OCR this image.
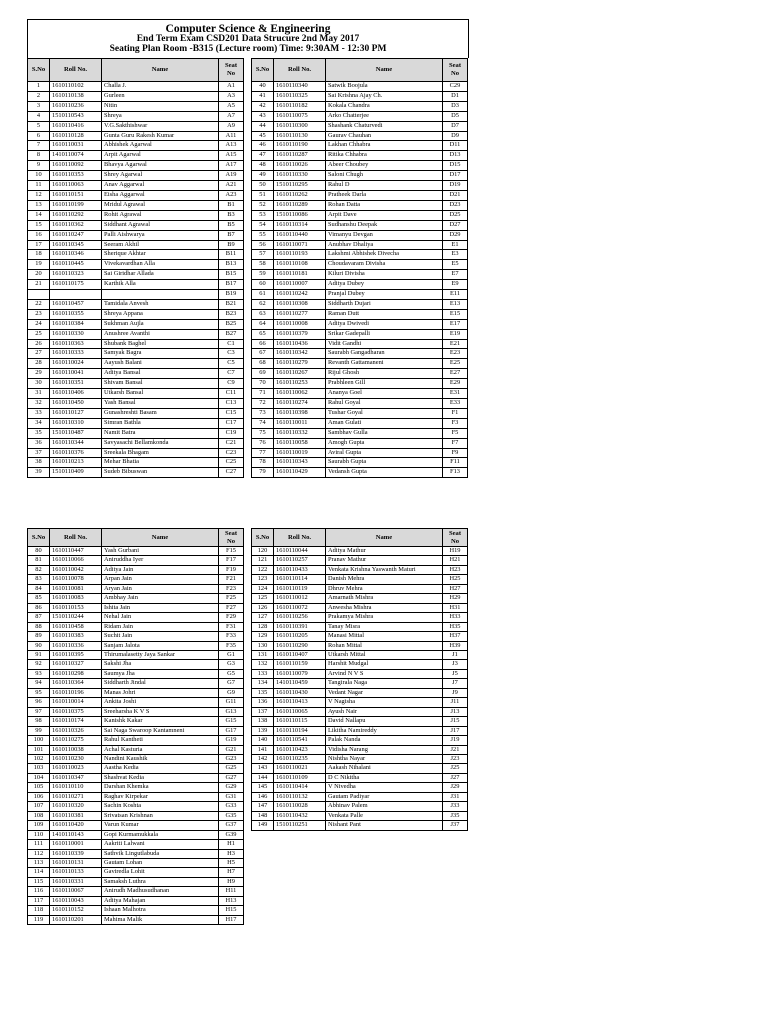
Computer Science & Engineering
End Term Exam CSD201 Data Strucure 2nd May 2017
Seating Plan Room -B315 (Lecture room) Time: 9:30AM - 12:30 PM
S.No	Roll No.	Name	Seat No
1	1610110102	Challa J.	A1
2	1610110138	Gurleen	A3
3	1610110236	Nitin	A5
4	1510110543	Shreya	A7
5	1610110416	V.G.Sakthishwar	A9
6	1610110128	Gunta Guru Rakesh Kumar	A11
7	1610110031	Abhishek Agarwal	A13
8	1410110074	Arpit Agarwal	A15
9	1610110092	Bhavya Agarwal	A17
10	1610110353	Shrey Agarwal	A19
11	1610110063	Anav Aggarwal	A21
12	1610110151	Eisha Aggarwal	A23
13	1610110199	Mridul Agrawal	B1
14	1610110292	Rohit Agrawal	B3
15	1610110362	Siddhant Agrawal	B5
16	1610110247	Palli Aishwarya	B7
17	1610110345	Seeram Akhil	B9
18	1610110346	Sherique Akhtar	B11
19	1610110445	Vivekavardhan Alla	B13
20	1610110323	Sai Giridhar Allada	B15
21	1610110175	Karthik Alla	B17
			B19
22	1610110457	Tamidala Anvesh	B21
23	1610110355	Shreya Appana	B23
24	1610110384	Sukhman Aujla	B25
25	1610110330	Anushree Avanthi	B27
26	1610110363	Shubank Baghel	C1
27	1610110333	Samyak Bagra	C3
28	1610110024	Aayush Balani	C5
29	1610110041	Aditya Bansal	C7
30	1610110351	Shivam Bansal	C9
31	1610110406	Utkarsh Bansal	C11
32	1610110450	Yash Bansal	C13
33	1610110127	Gunashreshti Basam	C15
34	1610110310	Simran Bathla	C17
35	1510110487	Namit Batra	C19
36	1610110344	Savyasachi Bellamkonda	C21
37	1610110376	Sreekala Bhagam	C23
38	1610110213	Mehar Bhatia	C25
39	1510110409	Sudeb Bibuswan	C27
S.No	Roll No.	Name	Seat No
40	1610110340	Satwik Boojula	C29
41	1610110325	Sai Krishna Ajay Ch.	D1
42	1610110182	Kokala Chandra	D3
43	1610110075	Arko Chatterjee	D5
44	1610110300	Shashank Chaturvedi	D7
45	1610110130	Gaurav Chauhan	D9
46	1610110190	Lakhan Chhabra	D11
47	1610110287	Ritika Chhabra	D13
48	1610110026	Abeer Choubey	D15
49	1610110330	Saloni Chugh	D17
50	1510110295	Rahul D	D19
51	1610110262	Pratheek Darla	D21
52	1610110289	Rohan Datta	D23
53	1510110086	Arpit Dave	D25
54	1610110314	Sudhanshu Deepak	D27
55	1610110440	Vimanyu Devgan	D29
56	1610110071	Anubhav Dhaliya	E1
57	1610110193	Lakshmi Abhishek Divecha	E3
58	1610110108	Choudavaram Divisha	E5
59	1610110181	Kiluri Divisha	E7
60	1610110007	Aditya Dubey	E9
61	1610110242	Pranjal Dubey	E11
62	1610110308	Siddharth Dujari	E13
63	1610110277	Raman Dutt	E15
64	1610110008	Aditya Dwivedi	E17
65	1610110379	Srikar Gadepalli	E19
66	1610110436	Vidit Gandhi	E21
67	1610110342	Saurabh Gangadharan	E23
68	1610110279	Revanth Gattamaneni	E25
69	1610110267	Rijul Ghosh	E27
70	1610110253	Prabhleen Gill	E29
71	1610110062	Ananya Goel	E31
72	1610110274	Rahul Goyal	E33
73	1610110398	Tushar Goyal	F1
74	1610110011	Aman Gulati	F3
75	1610110332	Sambhav Gulla	F5
76	1610110058	Amogh Gupta	F7
77	1610110019	Aviral Gupta	F9
78	1610110343	Saurabh Gupta	F11
79	1610110429	Vedansh Gupta	F13
S.No	Roll No.	Name	Seat No
80	1610110447	Yash Gurbani	F15
81	1610110066	Aniruddha Iyer	F17
82	1610110042	Aditya Jain	F19
83	1610110078	Arpan Jain	F21
84	1610110081	Aryan Jain	F23
85	1610110083	Ambhay Jain	F25
86	1610110153	Ishita Jain	F27
87	1510110244	Nehal Jain	F29
88	1610110458	Ridam Jain	F31
89	1610110383	Suchit Jain	F33
90	1610110336	Sanjam Jalota	F35
91	1610110395	Thirumalasetty Jaya Sankar	G1
92	1610110327	Sakshi Jha	G3
93	1610110298	Saumya Jha	G5
94	1610110364	Siddharth Jindal	G7
95	1610110196	Manas Johri	G9
96	1610110014	Ankita Joshi	G11
97	1610110375	Sreeharsha K V S	G13
98	1610110174	Kanishk Kakar	G15
99	1610110326	Sai Naga Swaroop Kantamneni	G17
100	1610110275	Rahul Kantheti	G19
101	1610110038	Achal Kasturia	G21
102	1610110230	Nandini Kaushik	G23
103	1610110023	Aastha Kedia	G25
104	1610110347	Shashvat Kedia	G27
105	1610110110	Darshan Khemka	G29
106	1610110271	Raghav Kirpekar	G31
107	1610110320	Sachin Koshta	G33
108	1610110381	Srivatsan Krishnan	G35
109	1610110420	Varun Kumar	G37
110	1410110143	Gopi Kurmamukkala	G39
111	1610110001	Aakriti Lalwani	H1
112	1610110339	Sathvik Lingutlabuda	H3
113	1610110131	Gautam Lohan	H5
114	1610110133	Gaviredla Lohit	H7
115	1610110331	Samaksh Luthra	H9
116	1610110067	Anirudh Madhusudhanan	H11
117	1610110043	Aditya Mahajan	H13
118	1610110152	Ishaan Malhotra	H15
119	1610110201	Mahima Malik	H17
S.No	Roll No.	Name	Seat No
120	1610110044	Aditya Mathur	H19
121	1610110257	Pranav Mathur	H21
122	1610110433	Venkata Krishna Yaswanth Maturi	H23
123	1610110114	Danish Mehra	H25
124	1610110119	Dhruv Mehra	H27
125	1610110012	Amarnath Mishra	H29
126	1610110072	Anwesha Mishra	H31
127	1610110256	Prakamya Mishra	H33
128	1610110391	Tanay Misra	H35
129	1610110205	Manasi Mittal	H37
130	1610110290	Rohan Mittal	H39
131	1610110407	Utkarsh Mittal	J1
132	1610110159	Harshit Mudgal	J3
133	1610110079	Arvind N V S	J5
134	1410110459	Tangirala Naga	J7
135	1610110430	Vedant Nagar	J9
136	1610110413	V Nagisha	J11
137	1610110065	Ayush Nair	J13
138	1610110115	David Nallapu	J15
139	1610110194	Likitha Namireddy	J17
140	1610110541	Palak Nanda	J19
141	1610110423	Vidisha Narang	J21
142	1610110235	Nishtha Nayar	J23
143	1610110021	Aakash Nihalani	J25
144	1610110109	D C Nikitha	J27
145	1610110414	V Nivedha	J29
146	1610110132	Gautam Padiyar	J31
147	1610110028	Abhinav Palem	J33
148	1610110432	Venkata Palle	J35
149	1510110251	Nishant Pant	J37
